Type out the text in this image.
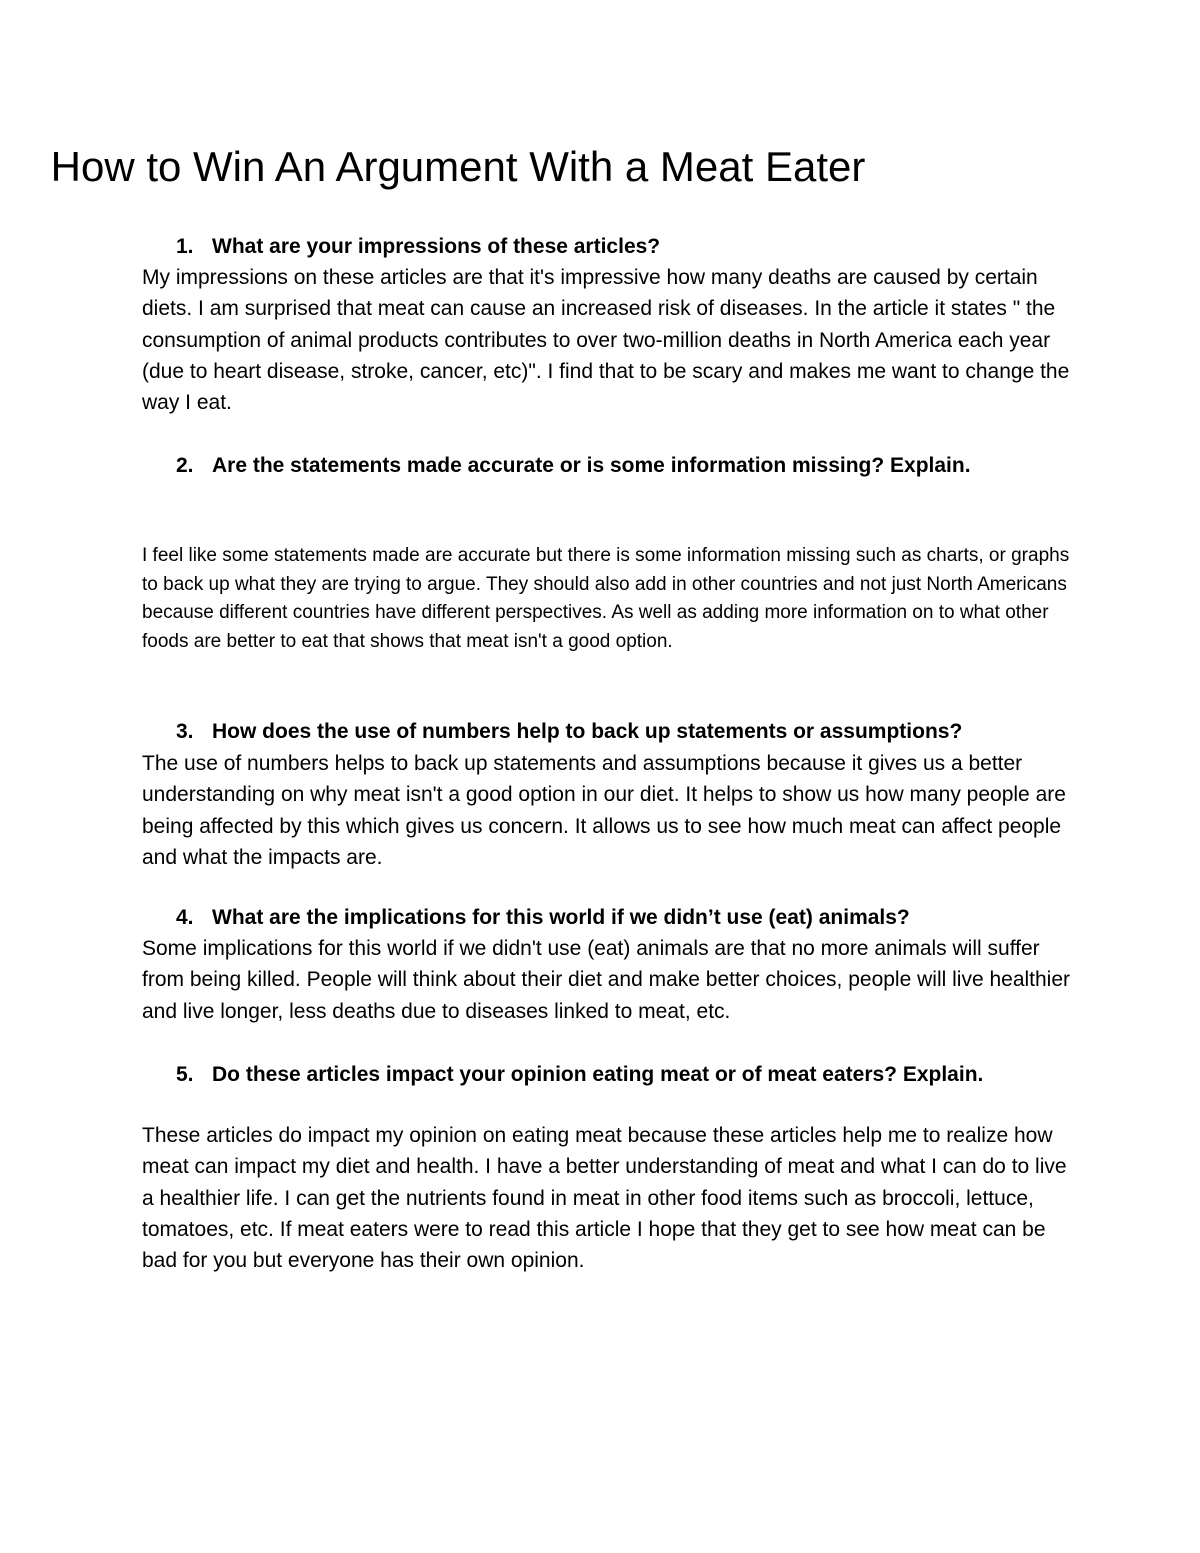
How to Win An Argument With a Meat Eater
1. What are your impressions of these articles?

My impressions on these articles are that it's impressive how many deaths are caused by certain diets. I am surprised that meat can cause an increased risk of diseases. In the article it states " the consumption of animal products contributes to over two-million deaths in North America each year (due to heart disease, stroke, cancer, etc)". I find that to be scary and makes me want to change the way I eat.

2. Are the statements made accurate or is some information missing? Explain.

I feel like some statements made are accurate but there is some information missing such as charts, or graphs to back up what they are trying to argue. They should also add in other countries and not just North Americans because different countries have different perspectives. As well as adding more information on to what other foods are better to eat that shows that meat isn't a good option.

3. How does the use of numbers help to back up statements or assumptions?

The use of numbers helps to back up statements and assumptions because it gives us a better understanding on why meat isn't a good option in our diet. It helps to show us how many people are being affected by this which gives us concern. It allows us to see how much meat can affect people and what the impacts are.

4. What are the implications for this world if we didn’t use (eat) animals?

Some implications for this world if we didn't use (eat) animals are that no more animals will suffer from being killed. People will think about their diet and make better choices, people will live healthier and live longer, less deaths due to diseases linked to meat, etc.

5. Do these articles impact your opinion eating meat or of meat eaters? Explain.

These articles do impact my opinion on eating meat because these articles help me to realize how meat can impact my diet and health. I have a better understanding of meat and what I can do to live a healthier life. I can get the nutrients found in meat in other food items such as broccoli, lettuce, tomatoes, etc. If meat eaters were to read this article I hope that they get to see how meat can be bad for you but everyone has their own opinion.
